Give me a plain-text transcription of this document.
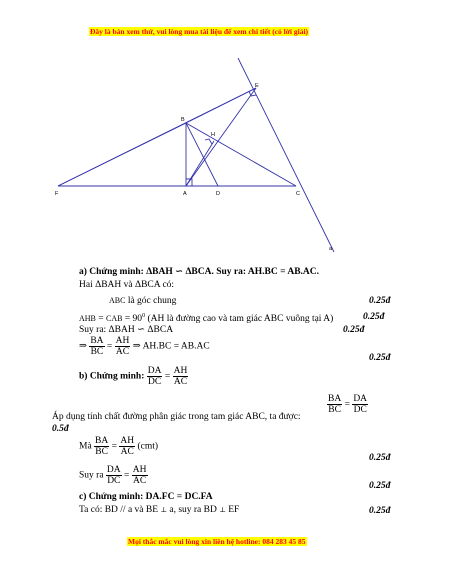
Đây là bản xem thử, vui lòng mua tài liệu để xem chi tiết (có lời giải)
B
E
H
F	A	D	C
a
a) Chứng minh: ΔBAH ∽ ΔBCA. Suy ra: AH.BC = AB.AC.
Hai ΔBAH và ΔBCA có:
ABC là góc chung	0.25đ
AHB = CAB = $90^0$ (AH là đường cao và tam giác ABC vuông tại A)	0.25đ
Suy ra: ΔBAH ∽ ΔBCA	0.25đ
⇒ $\frac{BA}{BC} = \frac{AH}{AC}$ ⇒ AH.BC = AB.AC
0.25đ
b) Chứng minh: $\frac{DA}{DC} = \frac{AH}{AC}$
Áp dụng tính chất đường phân giác trong tam giác ABC, ta được:
$\frac{BA}{BC} = \frac{DA}{DC}$
0.5đ
Mà $\frac{BA}{BC} = \frac{AH}{AC} (cmt)$
0.25đ
Suy ra $\frac{DA}{DC} = \frac{AH}{AC}$	0.25đ
c) Chứng minh: DA.FC = DC.FA
Ta có: BD // a và BE ⊥ a, suy ra BD ⊥ EF	0.25đ
Mọi thắc mắc vui lòng xin liên hệ hotline: 084 283 45 85
